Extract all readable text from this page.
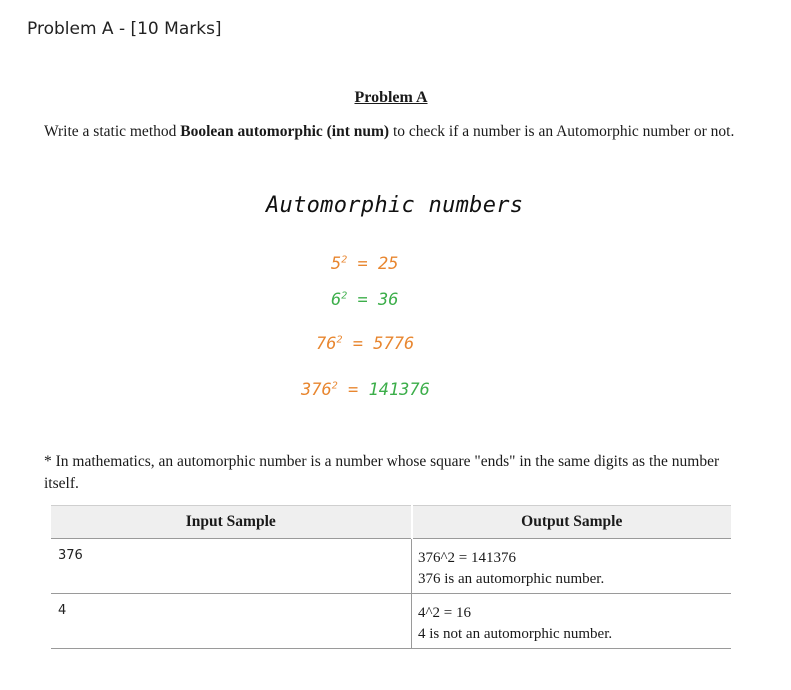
Problem A - [10 Marks]
Problem A
Write a static method Boolean automorphic (int num) to check if a number is an Automorphic number or not.
Automorphic numbers
$5^2 = 25$
$6^2 = 36$
$76^2 = 5776$
$376^2 = 141376$
* In mathematics, an automorphic number is a number whose square "ends" in the same digits as the number itself.
Input Sample	Output Sample
376	376^2 = 141376
376 is an automorphic number.

4	4^2 = 16
4 is not an automorphic number.
